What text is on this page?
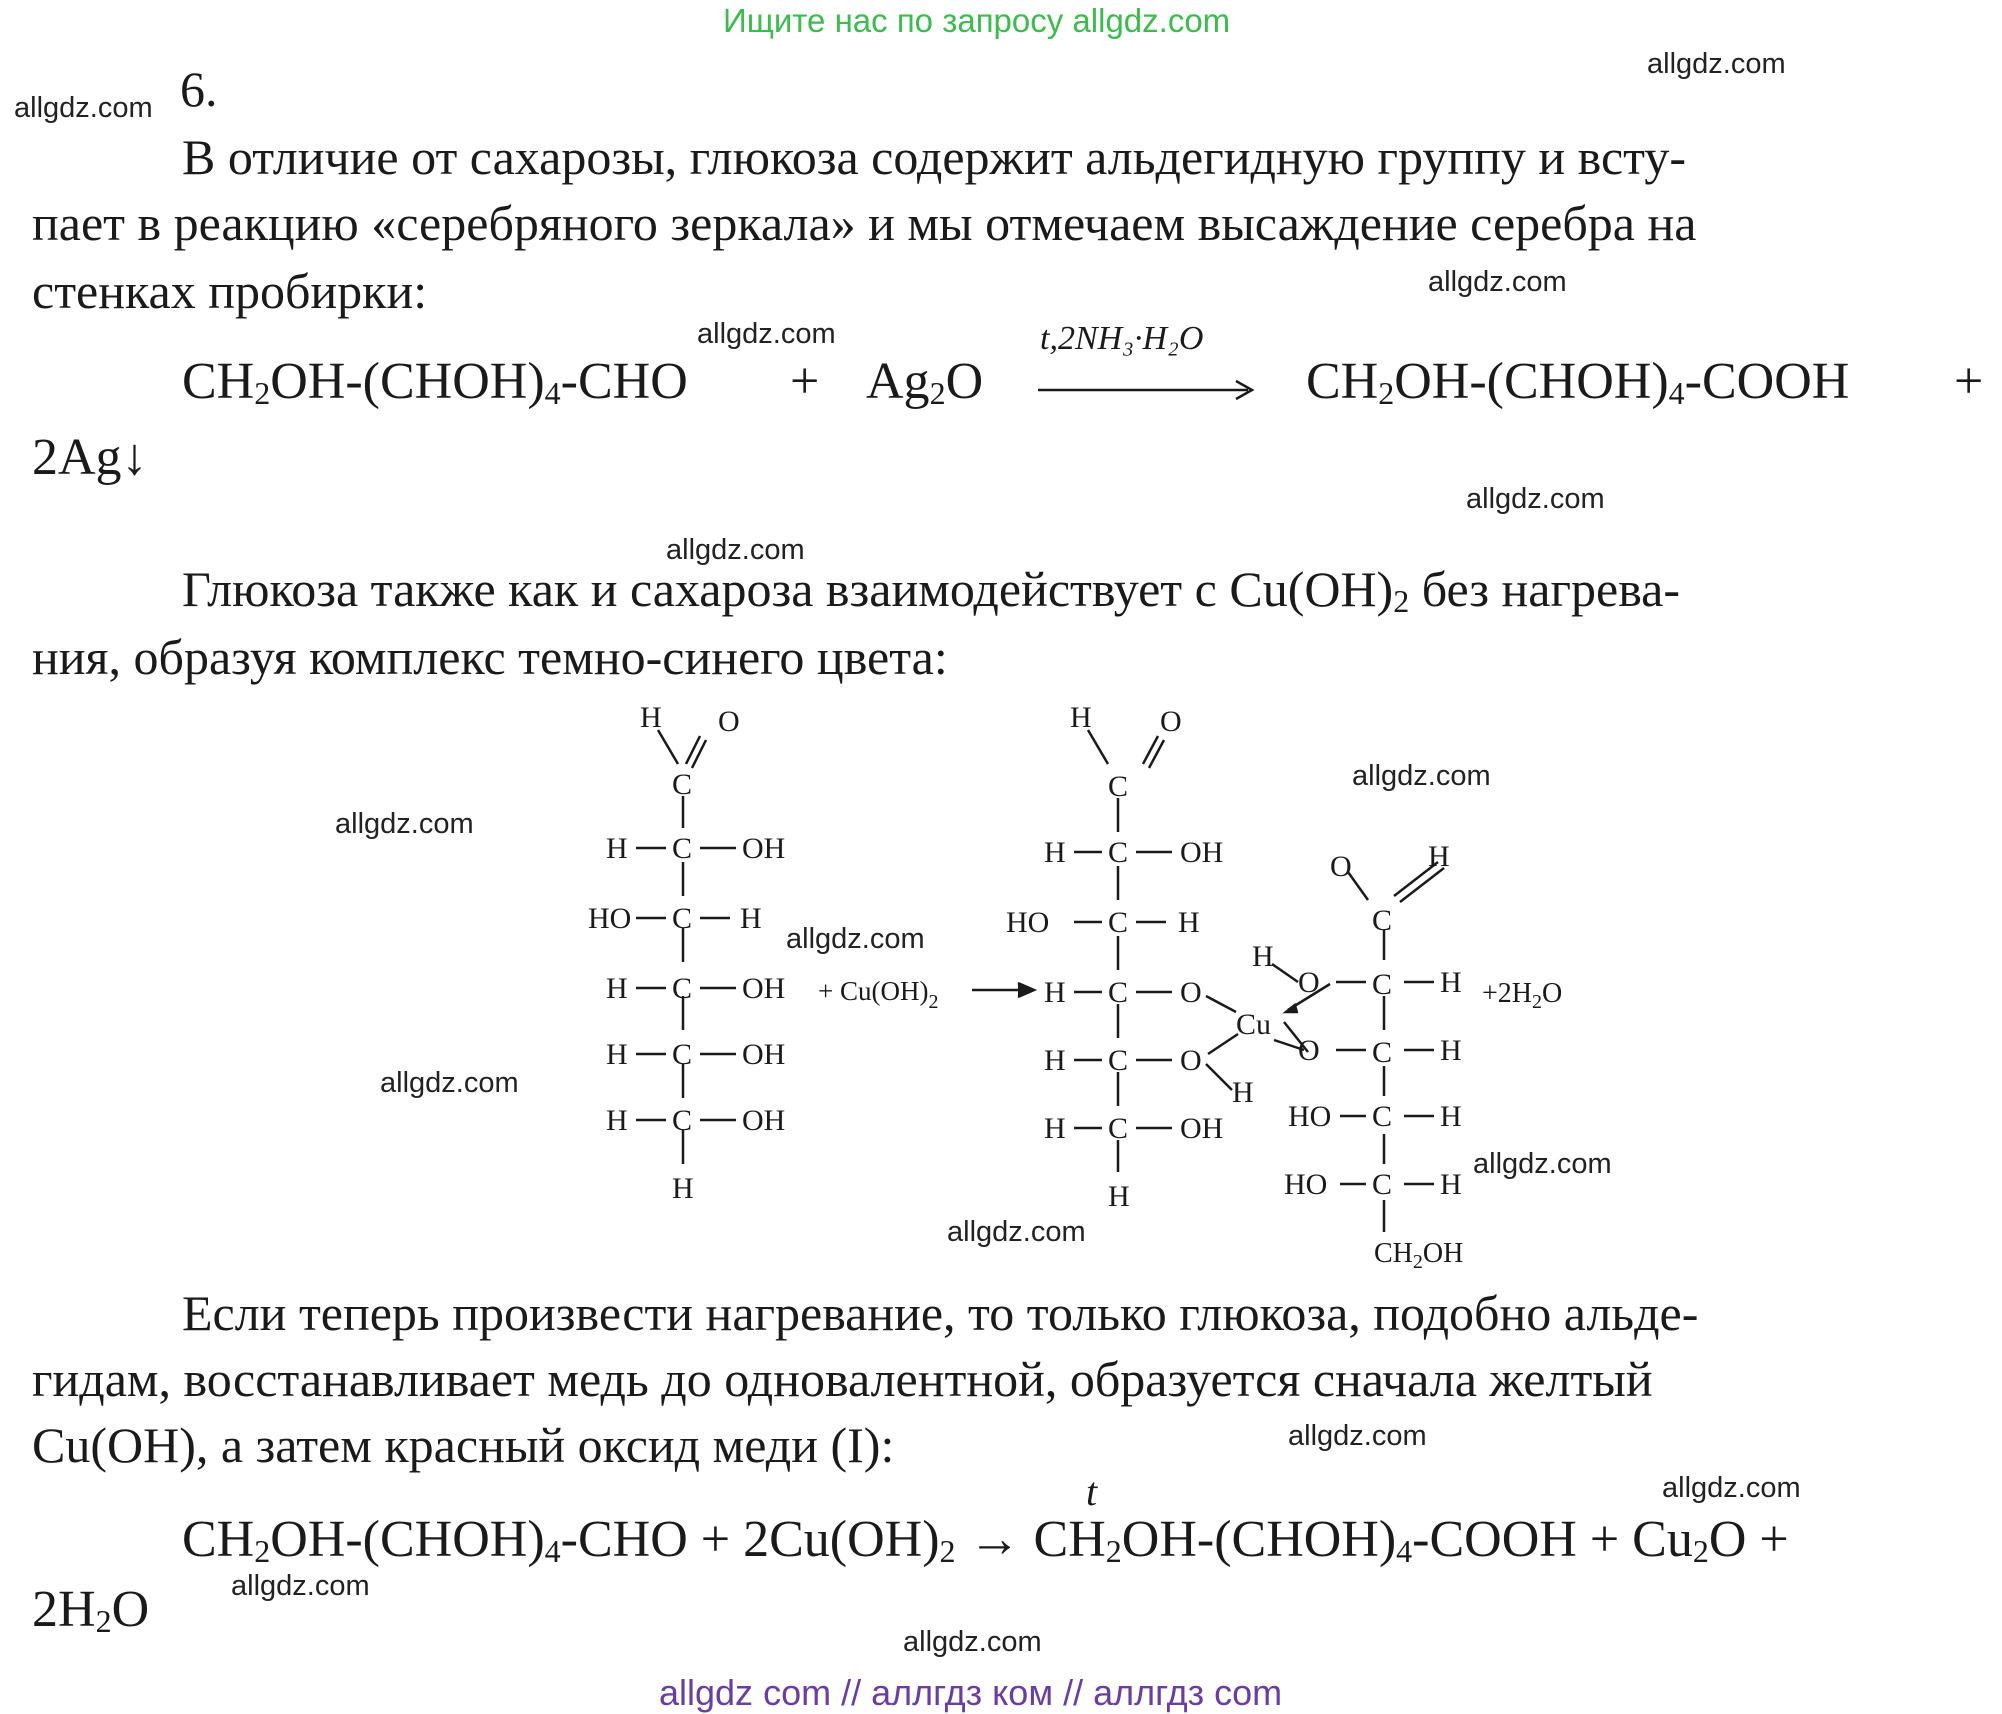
Ищите нас по запросу allgdz.com
allgdz.com
allgdz.com
allgdz.com
allgdz.com
allgdz.com
allgdz.com
allgdz.com
allgdz.com
allgdz.com
allgdz.com
allgdz.com
allgdz.com
allgdz.com
allgdz.com
allgdz.com
allgdz.com
6.
В отличие от сахарозы, глюкоза содержит альдегидную группу и всту-
пает в реакцию «серебряного зеркала» и мы отмечаем высаждение серебра на
стенках пробирки:
CH2OH-(CHOH)4-CHO + Ag2O
t,2NH₃·H₂O
CH2OH-(CHOH)4-COOH +
2Ag↓
Глюкоза также как и сахароза взаимодействует с Cu(OH)2 без нагрева-
ния, образуя комплекс темно-синего цвета:
H O
C
H C OH
HO C H
H C OH
H C OH
H C OH
H
+ $Cu(OH)_2$
H O
C
H C OH
HO C H
H C O
H C O
H
H C OH
H
Cu
H
O
O
O	H
C
C H
C H
HO C H
HO C H
$CH_2OH$
$+2H_2O$
Если теперь произвести нагревание, то только глюкоза, подобно альде-
гидам, восстанавливает медь до одновалентной, образуется сначала желтый
Cu(OH), а затем красный оксид меди (I):
t
CH2OH-(CHOH)4-CHO + 2Cu(OH)2 → CH2OH-(CHOH)4-COOH + Cu2O +
2H2O
allgdz com // аллгдз ком // аллгдз com
